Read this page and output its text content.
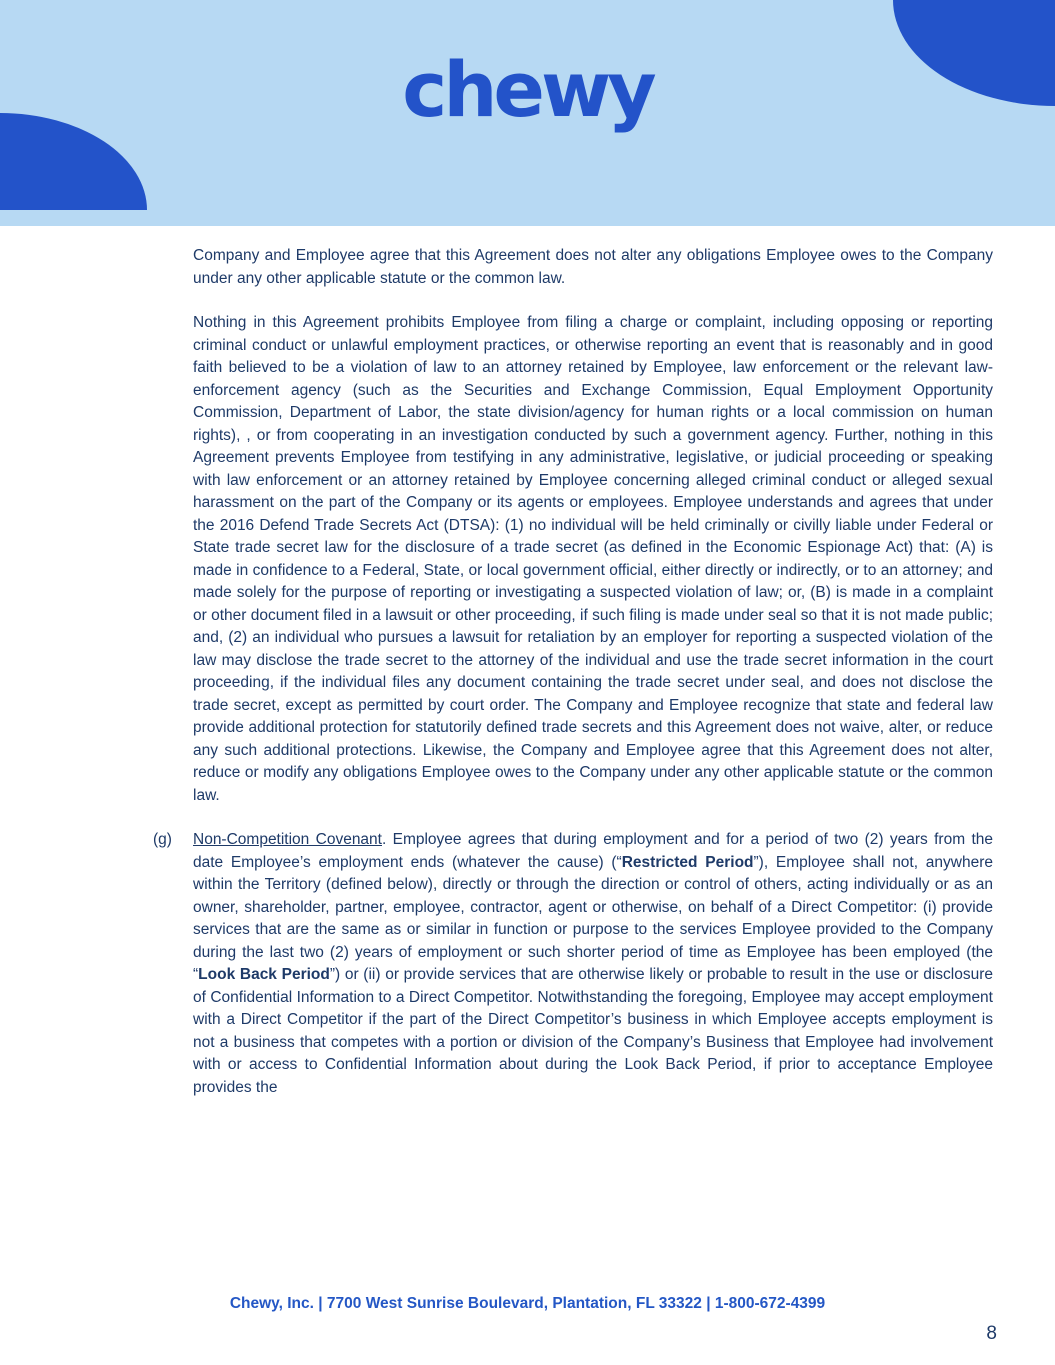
chewy

Company and Employee agree that this Agreement does not alter any obligations Employee owes to the Company under any other applicable statute or the common law.

Nothing in this Agreement prohibits Employee from filing a charge or complaint, including opposing or reporting criminal conduct or unlawful employment practices, or otherwise reporting an event that is reasonably and in good faith believed to be a violation of law to an attorney retained by Employee, law enforcement or the relevant law-enforcement agency (such as the Securities and Exchange Commission, Equal Employment Opportunity Commission, Department of Labor, the state division/agency for human rights or a local commission on human rights), , or from cooperating in an investigation conducted by such a government agency. Further, nothing in this Agreement prevents Employee from testifying in any administrative, legislative, or judicial proceeding or speaking with law enforcement or an attorney retained by Employee concerning alleged criminal conduct or alleged sexual harassment on the part of the Company or its agents or employees. Employee understands and agrees that under the 2016 Defend Trade Secrets Act (DTSA): (1) no individual will be held criminally or civilly liable under Federal or State trade secret law for the disclosure of a trade secret (as defined in the Economic Espionage Act) that: (A) is made in confidence to a Federal, State, or local government official, either directly or indirectly, or to an attorney; and made solely for the purpose of reporting or investigating a suspected violation of law; or, (B) is made in a complaint or other document filed in a lawsuit or other proceeding, if such filing is made under seal so that it is not made public; and, (2) an individual who pursues a lawsuit for retaliation by an employer for reporting a suspected violation of the law may disclose the trade secret to the attorney of the individual and use the trade secret information in the court proceeding, if the individual files any document containing the trade secret under seal, and does not disclose the trade secret, except as permitted by court order. The Company and Employee recognize that state and federal law provide additional protection for statutorily defined trade secrets and this Agreement does not waive, alter, or reduce any such additional protections. Likewise, the Company and Employee agree that this Agreement does not alter, reduce or modify any obligations Employee owes to the Company under any other applicable statute or the common law.

(g) Non-Competition Covenant. Employee agrees that during employment and for a period of two (2) years from the date Employee’s employment ends (whatever the cause) (“Restricted Period”), Employee shall not, anywhere within the Territory (defined below), directly or through the direction or control of others, acting individually or as an owner, shareholder, partner, employee, contractor, agent or otherwise, on behalf of a Direct Competitor: (i) provide services that are the same as or similar in function or purpose to the services Employee provided to the Company during the last two (2) years of employment or such shorter period of time as Employee has been employed (the “Look Back Period”) or (ii) or provide services that are otherwise likely or probable to result in the use or disclosure of Confidential Information to a Direct Competitor. Notwithstanding the foregoing, Employee may accept employment with a Direct Competitor if the part of the Direct Competitor’s business in which Employee accepts employment is not a business that competes with a portion or division of the Company’s Business that Employee had involvement with or access to Confidential Information about during the Look Back Period, if prior to acceptance Employee provides the

Chewy, Inc. | 7700 West Sunrise Boulevard, Plantation, FL 33322 | 1-800-672-4399
8
